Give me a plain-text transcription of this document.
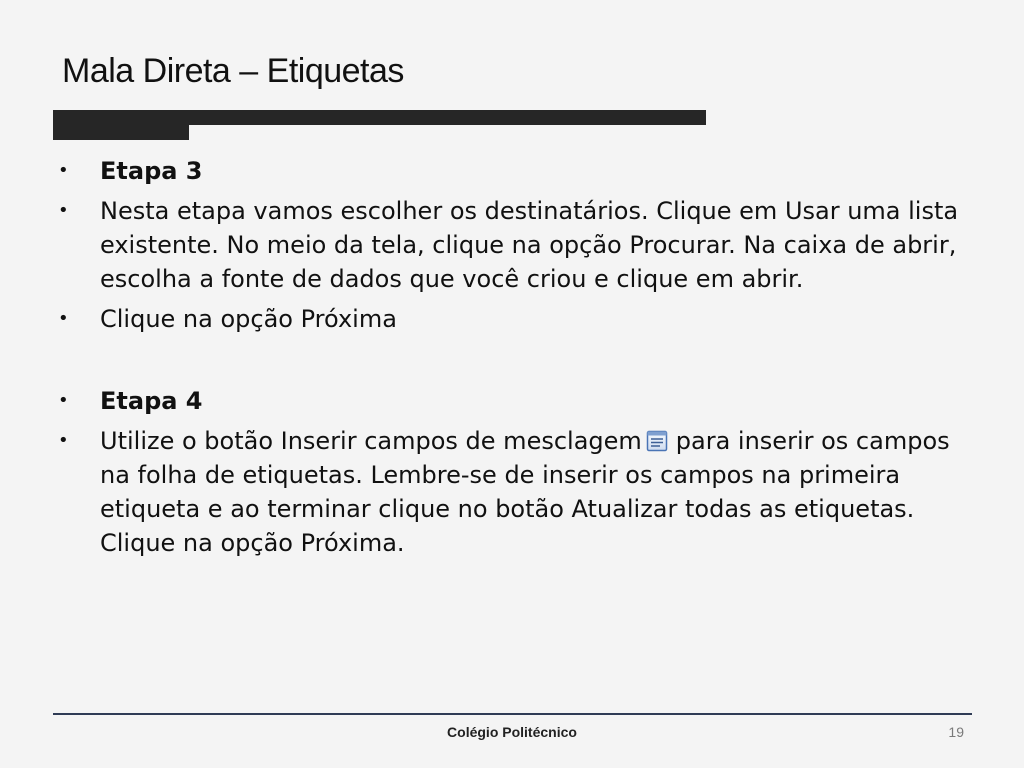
Mala Direta – Etiquetas
• Etapa 3
• Nesta etapa vamos escolher os destinatários. Clique em Usar uma lista existente. No meio da tela, clique na opção Procurar. Na caixa de abrir, escolha a fonte de dados que você criou e clique em abrir.
• Clique na opção Próxima
• Etapa 4
• Utilize o botão Inserir campos de mesclagem para inserir os campos na folha de etiquetas. Lembre-se de inserir os campos na primeira etiqueta e ao terminar clique no botão Atualizar todas as etiquetas. Clique na opção Próxima.
Colégio Politécnico	19
